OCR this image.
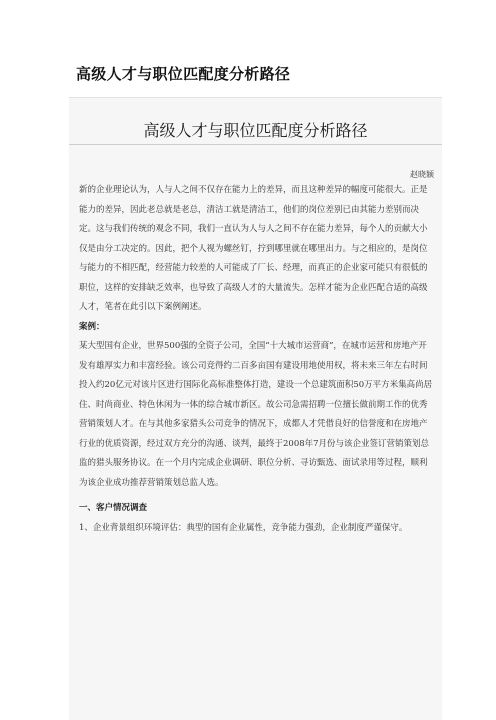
高级人才与职位匹配度分析路径
高级人才与职位匹配度分析路径
赵晓颖

新的企业理论认为，人与人之间不仅存在能力上的差异，而且这种差异的幅度可能很大。正是能力的差异，因此老总就是老总，清洁工就是清洁工，他们的岗位差别已由其能力差别而决定。这与我们传统的观念不同，我们一直认为人与人之间不存在能力差异，每个人的贡献大小仅是由分工决定的。因此，把个人视为螺丝钉，拧到哪里就在哪里出力。与之相应的，是岗位与能力的不相匹配，经营能力较差的人可能成了厂长、经理，而真正的企业家可能只有很低的职位，这样的安排缺乏效率，也导致了高级人才的大量流失。怎样才能为企业匹配合适的高级人才，笔者在此引以下案例阐述。

案例：

某大型国有企业，世界500强的全资子公司，全国“十大城市运营商”，在城市运营和房地产开发有雄厚实力和丰富经验。该公司竞得约二百多亩国有建设用地使用权，将未来三年左右时间投入约20亿元对该片区进行国际化高标准整体打造，建设一个总建筑面积50万平方米集高尚居住、时尚商业、特色休闲为一体的综合城市新区。故公司急需招聘一位擅长做前期工作的优秀营销策划人才。在与其他多家猎头公司竞争的情况下，成都人才凭借良好的信誉度和在房地产行业的优质资源，经过双方充分的沟通、谈判，最终于2008年7月份与该企业签订营销策划总监的猎头服务协议。在一个月内完成企业调研、职位分析、寻访甄选、面试录用等过程，顺利为该企业成功推荐营销策划总监人选。

一、客户情况调查

1、企业背景组织环境评估：典型的国有企业属性，竞争能力强劲，企业制度严谨保守。
